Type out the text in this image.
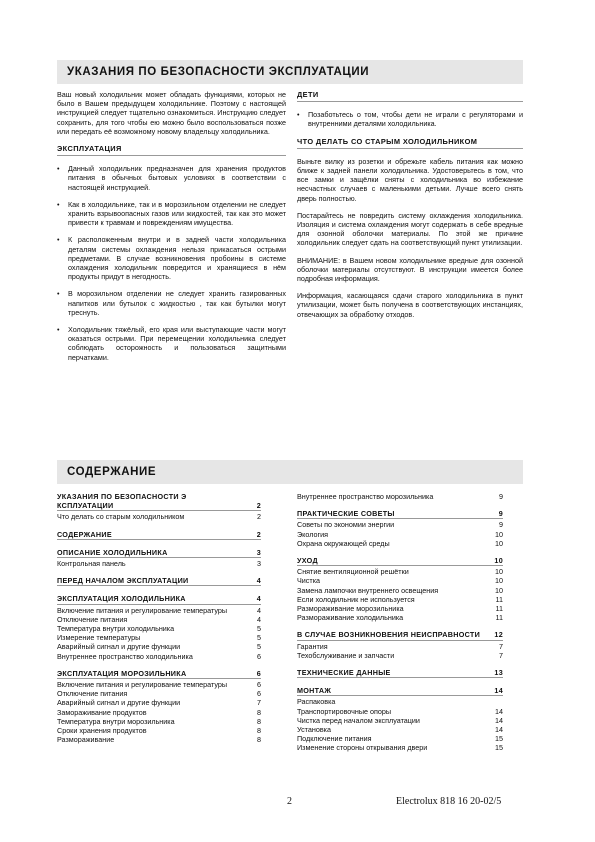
УКАЗАНИЯ ПО БЕЗОПАСНОСТИ ЭКСПЛУАТАЦИИ

Ваш новый холодильник может обладать функциями, которых не было в Вашем предыдущем холодильнике. Поэтому с настоящей инструкцией следует тщательно ознакомиться. Инструкцию следует сохранить, для того чтобы ею можно было воспользоваться позже или передать её возможному новому владельцу холодильника.

ЭКСПЛУАТАЦИЯ
• Данный холодильник предназначен для хранения продуктов питания в обычных бытовых условиях в соответствии с настоящей инструкцией.
• Как в холодильнике, так и в морозильном отделении не следует хранить взрывоопасных газов или жидкостей, так как это может привести к травмам и повреждениям имущества.
• К расположенным внутри и в задней части холодильника деталям системы охлаждения нельзя прикасаться острыми предметами. В случае возникновения пробоины в системе охлаждения холодильник повредится и хранящиеся в нём продукты придут в негодность.
• В морозильном отделении не следует хранить газированных напитков или бутылок с жидкостью , так как бутылки могут треснуть.
• Холодильник тяжёлый, его края или выступающие части могут оказаться острыми. При перемещении холодильника следует соблюдать осторожность и пользоваться защитными перчатками.
ДЕТИ
• Позаботьтесь о том, чтобы дети не играли с регуляторами и внутренними деталями холодильника.
ЧТО ДЕЛАТЬ СО СТАРЫМ ХОЛОДИЛЬНИКОМ

Выньте вилку из розетки и обрежьте кабель питания как можно ближе к задней панели холодильника. Удостоверьтесь в том, что все замки и защёлки сняты с холодильника во избежание несчастных случаев с маленькими детьми. Лучше всего снять дверь полностью.

Постарайтесь не повредить систему охлаждения холодильника. Изоляция и система охлаждения могут содержать в себе вредные для озонной оболочки материалы. По этой же причине холодильник следует сдать на соответствующий пункт утилизации.

ВНИМАНИЕ: в Вашем новом холодильнике вредные для озонной оболочки материалы отсутствуют. В инструкции имеется более подробная информация.

Информация, касающаяся сдачи старого холодильника в пункт утилизации, может быть получена в соответствующих инстанциях, отвечающих за обработку отходов.

СОДЕРЖАНИЕ
УКАЗАНИЯ ПО БЕЗОПАСНОСТИ Э КСПЛУАТАЦИИ	2
Что делать со старым холодильником	2
СОДЕРЖАНИЕ	2
ОПИСАНИЕ ХОЛОДИЛЬНИКА	3
Контрольная панель	3
ПЕРЕД НАЧАЛОМ ЭКСПЛУАТАЦИИ	4
ЭКСПЛУАТАЦИЯ ХОЛОДИЛЬНИКА	4
Включение питания и регулирование температуры	4
Отключение питания	4
Температура внутри холодильника	5
Измерение температуры	5
Аварийный сигнал и другие функции	5
Внутреннее пространство холодильника	6
ЭКСПЛУАТАЦИЯ МОРОЗИЛЬНИКА	6
Включение питания и регулирование температуры	6
Отключение питания	6
Аварийный сигнал и другие функции	7
Замораживание продуктов	8
Температура внутри морозильника	8
Сроки хранения продуктов	8
Размораживание	8
Внутреннее пространство морозильника	9
ПРАКТИЧЕСКИЕ СОВЕТЫ	9
Советы по экономии энергии	9
Экология	10
Охрана окружающей среды	10
УХОД	10
Снятие вентиляционной решётки	10
Чистка	10
Замена лампочки внутреннего освещения	10
Если холодильник не используется	11
Размораживание морозильника	11
Размораживание холодильника	11
В СЛУЧАЕ ВОЗНИКНОВЕНИЯ НЕИСПРАВНОСТИ	12
Гарантия	7
Техобслуживание и запчасти	7
ТЕХНИЧЕСКИЕ ДАННЫЕ	13
МОНТАЖ	14
Распаковка
Транспортировочные опоры	14
Чистка перед началом эксплуатации	14
Установка	14
Подключение питания	15
Изменение стороны открывания двери	15
2	Electrolux 818 16 20-02/5
